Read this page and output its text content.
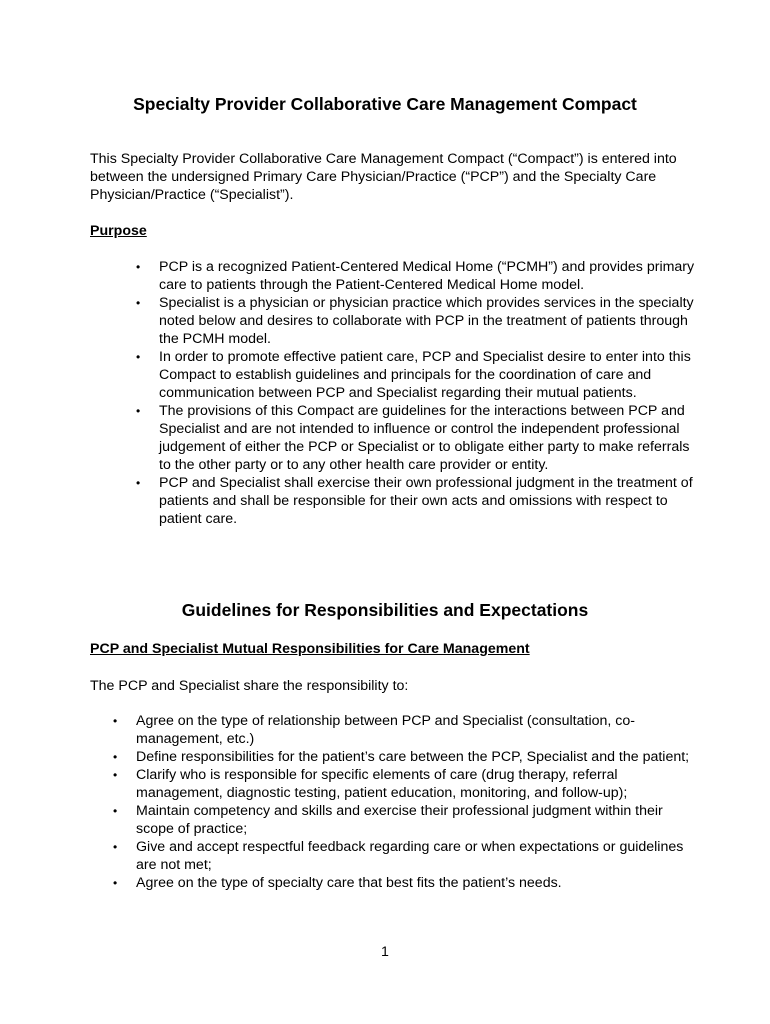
Specialty Provider Collaborative Care Management Compact

This Specialty Provider Collaborative Care Management Compact (“Compact”) is entered into between the undersigned Primary Care Physician/Practice (“PCP”) and the Specialty Care Physician/Practice (“Specialist”).

Purpose
•	PCP is a recognized Patient-Centered Medical Home (“PCMH”) and provides primary care to patients through the Patient-Centered Medical Home model.
•	Specialist is a physician or physician practice which provides services in the specialty noted below and desires to collaborate with PCP in the treatment of patients through the PCMH model.
•	In order to promote effective patient care, PCP and Specialist desire to enter into this Compact to establish guidelines and principals for the coordination of care and communication between PCP and Specialist regarding their mutual patients.
•	The provisions of this Compact are guidelines for the interactions between PCP and Specialist and are not intended to influence or control the independent professional judgement of either the PCP or Specialist or to obligate either party to make referrals to the other party or to any other health care provider or entity.
•	PCP and Specialist shall exercise their own professional judgment in the treatment of patients and shall be responsible for their own acts and omissions with respect to patient care.
Guidelines for Responsibilities and Expectations
PCP and Specialist Mutual Responsibilities for Care Management

The PCP and Specialist share the responsibility to:

•	Agree on the type of relationship between PCP and Specialist (consultation, co-management, etc.)
•	Define responsibilities for the patient’s care between the PCP, Specialist and the patient;
•	Clarify who is responsible for specific elements of care (drug therapy, referral management, diagnostic testing, patient education, monitoring, and follow-up);
•	Maintain competency and skills and exercise their professional judgment within their scope of practice;
•	Give and accept respectful feedback regarding care or when expectations or guidelines are not met;
•	Agree on the type of specialty care that best fits the patient’s needs.

1
